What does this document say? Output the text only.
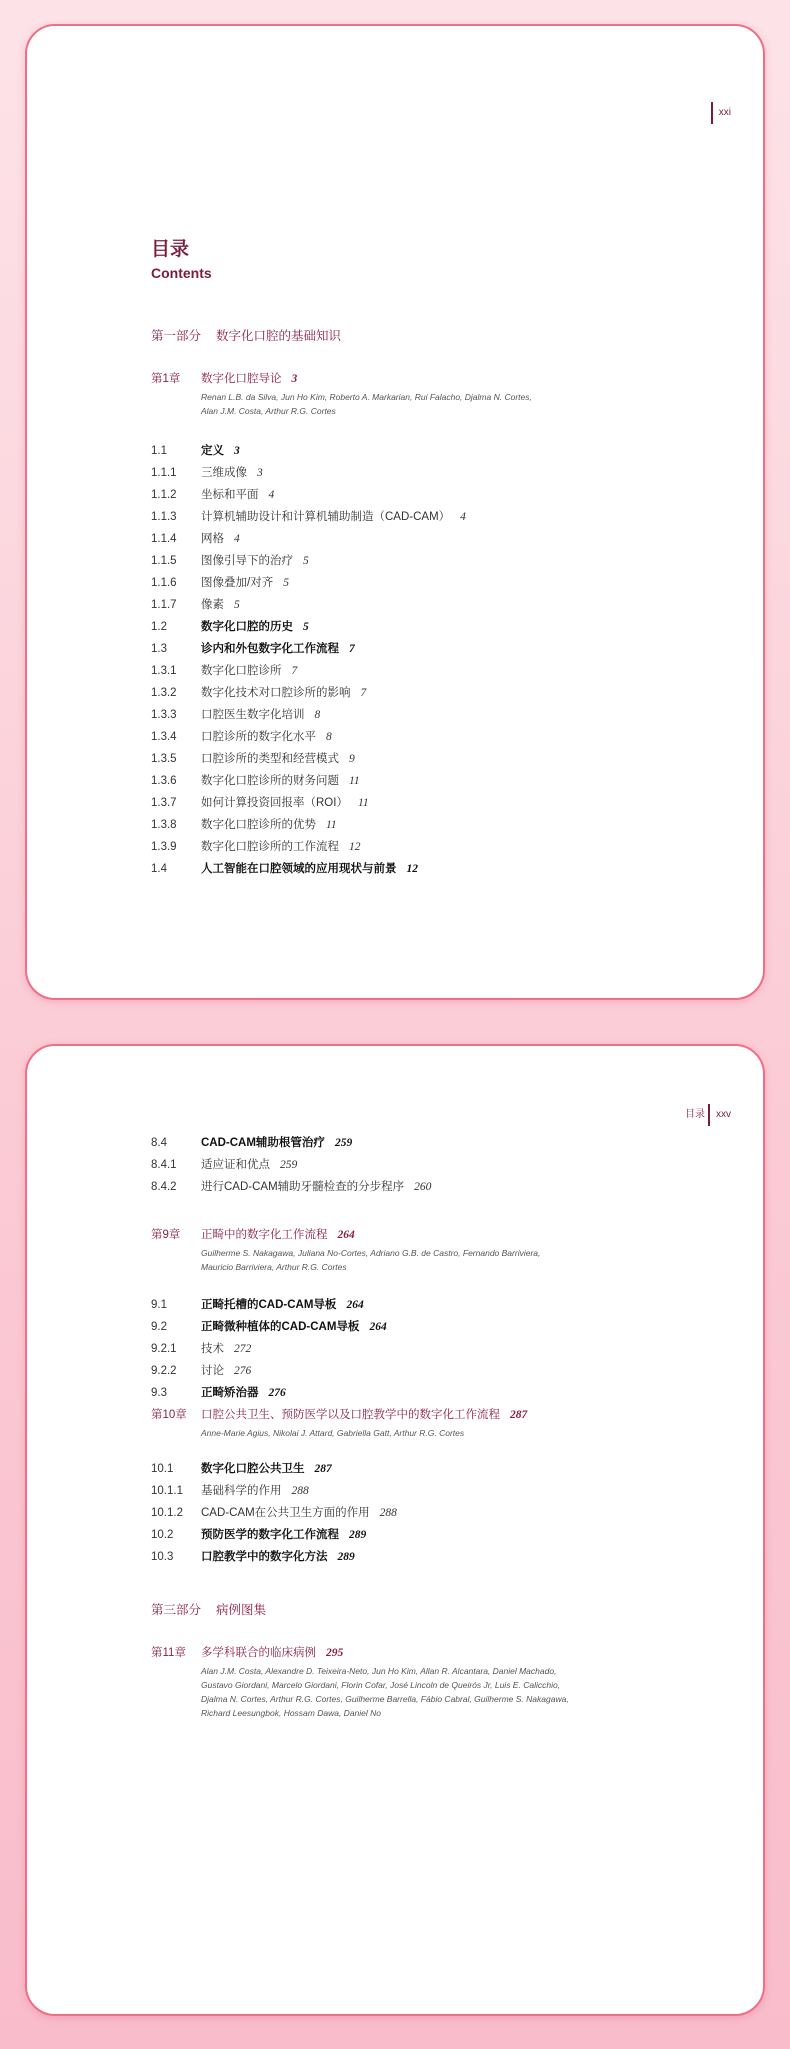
xxi
目录
Contents
第一部分 数字化口腔的基础知识
第1章 数字化口腔导论 3
Renan L.B. da Silva, Jun Ho Kim, Roberto A. Markarian, Rui Falacho, Djalma N. Cortes,
Alan J.M. Costa, Arthur R.G. Cortes
1.1	定义 3
1.1.1 三维成像 3
1.1.2 坐标和平面 4
1.1.3 计算机辅助设计和计算机辅助制造（CAD-CAM） 4
1.1.4 网格 4
1.1.5 图像引导下的治疗 5
1.1.6 图像叠加/对齐 5
1.1.7 像素 5
1.2	数字化口腔的历史 5
1.3	诊内和外包数字化工作流程 7
1.3.1 数字化口腔诊所 7
1.3.2 数字化技术对口腔诊所的影响 7
1.3.3 口腔医生数字化培训 8
1.3.4 口腔诊所的数字化水平 8
1.3.5 口腔诊所的类型和经营模式 9
1.3.6 数字化口腔诊所的财务问题 11
1.3.7 如何计算投资回报率（ROI） 11
1.3.8 数字化口腔诊所的优势 11
1.3.9 数字化口腔诊所的工作流程 12
1.4	人工智能在口腔领域的应用现状与前景 12
目录	xxv
8.4	CAD-CAM辅助根管治疗 259
8.4.1 适应证和优点 259
8.4.2 进行CAD-CAM辅助牙髓检查的分步程序 260
第9章 正畸中的数字化工作流程 264
Guilherme S. Nakagawa, Juliana No-Cortes, Adriano G.B. de Castro, Fernando Barriviera,
Mauricio Barriviera, Arthur R.G. Cortes
9.1	正畸托槽的CAD-CAM导板 264
9.2	正畸微种植体的CAD-CAM导板 264
9.2.1 技术 272
9.2.2 讨论 276
9.3	正畸矫治器 276
第10章 口腔公共卫生、预防医学以及口腔教学中的数字化工作流程 287
Anne-Marie Agius, Nikolai J. Attard, Gabriella Gatt, Arthur R.G. Cortes
10.1 数字化口腔公共卫生 287
10.1.1 基础科学的作用 288
10.1.2 CAD-CAM在公共卫生方面的作用 288
10.2 预防医学的数字化工作流程 289
10.3 口腔教学中的数字化方法 289
第三部分 病例图集
第11章 多学科联合的临床病例 295
Alan J.M. Costa, Alexandre D. Teixeira-Neto, Jun Ho Kim, Allan R. Alcantara, Daniel Machado,
Gustavo Giordani, Marcelo Giordani, Florin Cofar, José Lincoln de Queirós Jr, Luis E. Calicchio,
Djalma N. Cortes, Arthur R.G. Cortes, Guilherme Barrella, Fábio Cabral, Guilherme S. Nakagawa,
Richard Leesungbok, Hossam Dawa, Daniel No
